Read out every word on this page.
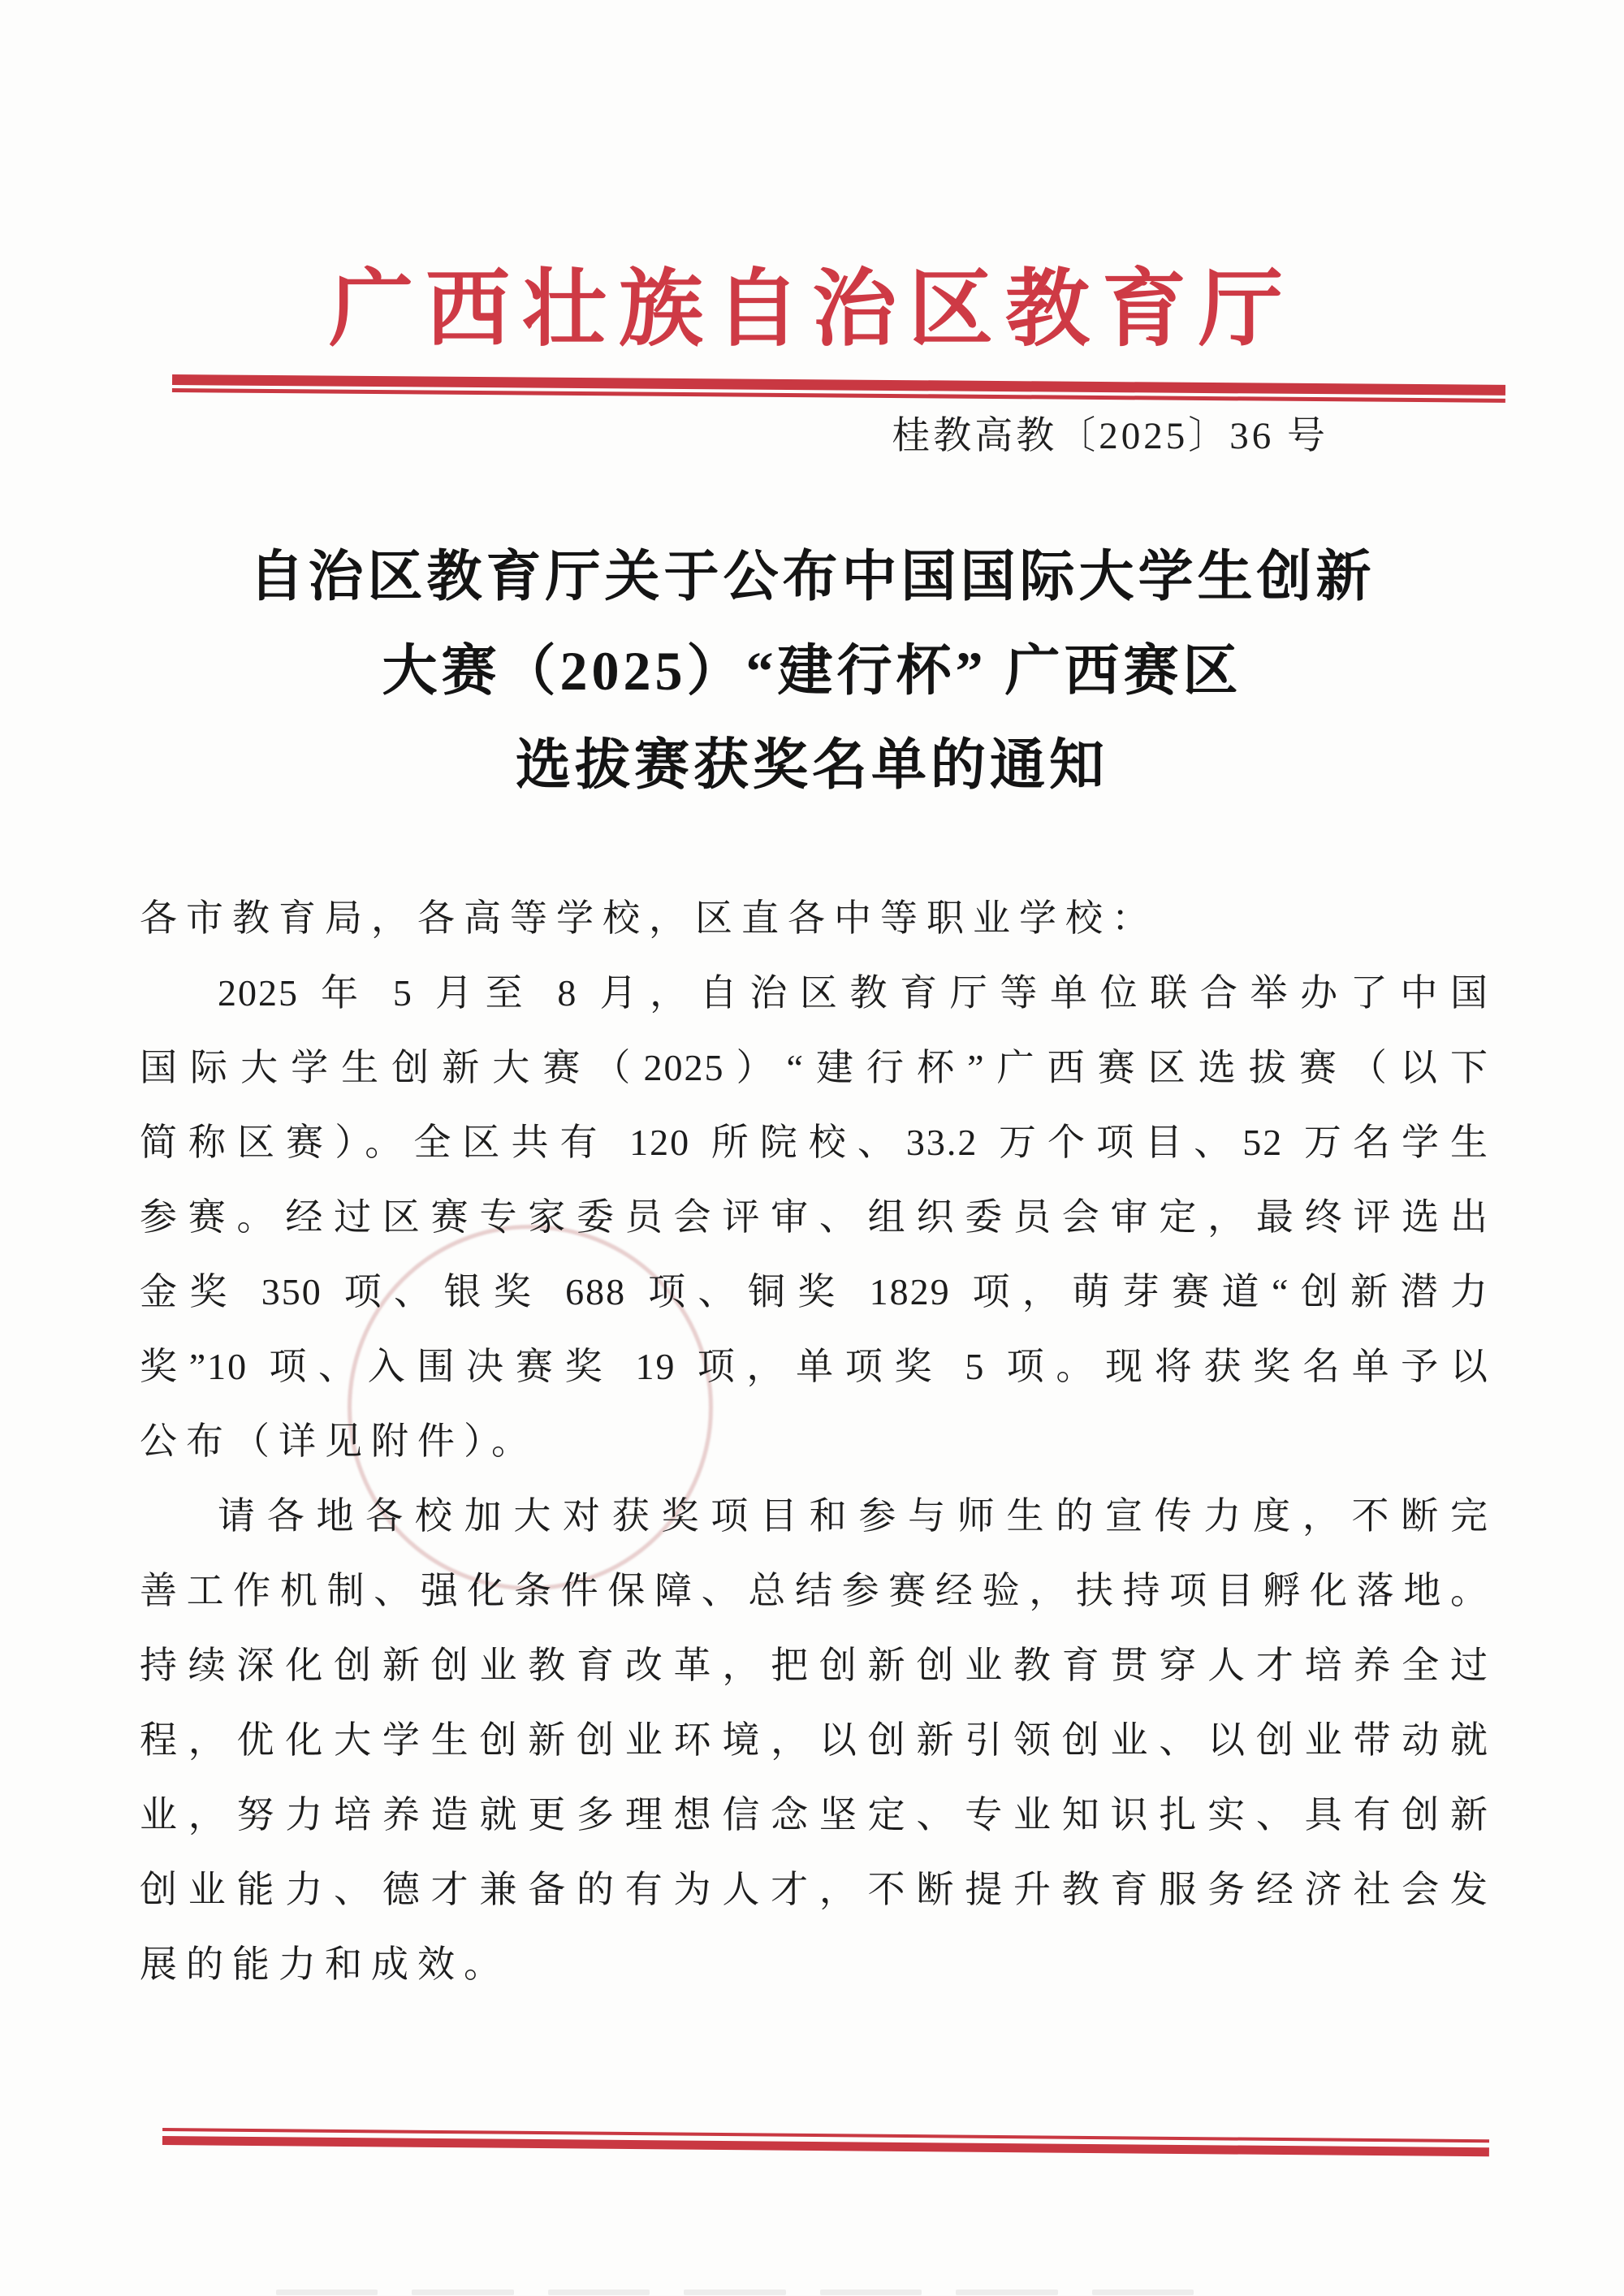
广西壮族自治区教育厅
桂教高教〔2025〕36 号
自治区教育厅关于公布中国国际大学生创新
大赛（2025）“建行杯” 广西赛区
选拔赛获奖名单的通知
各市教育局，各高等学校，区直各中等职业学校：
2025 年 5 月至 8 月，自治区教育厅等单位联合举办了中国
国际大学生创新大赛（2025）“建行杯”广西赛区选拔赛（以下
简称区赛）。全区共有 120 所院校、33.2 万个项目、52 万名学生
参赛。经过区赛专家委员会评审、组织委员会审定，最终评选出
金奖 350 项、银奖 688 项、铜奖 1829 项，萌芽赛道“创新潜力
奖”10 项、入围决赛奖 19 项，单项奖 5 项。现将获奖名单予以
公布（详见附件）。
请各地各校加大对获奖项目和参与师生的宣传力度，不断完
善工作机制、强化条件保障、总结参赛经验，扶持项目孵化落地。
持续深化创新创业教育改革，把创新创业教育贯穿人才培养全过
程，优化大学生创新创业环境，以创新引领创业、以创业带动就
业，努力培养造就更多理想信念坚定、专业知识扎实、具有创新
创业能力、德才兼备的有为人才，不断提升教育服务经济社会发
展的能力和成效。
